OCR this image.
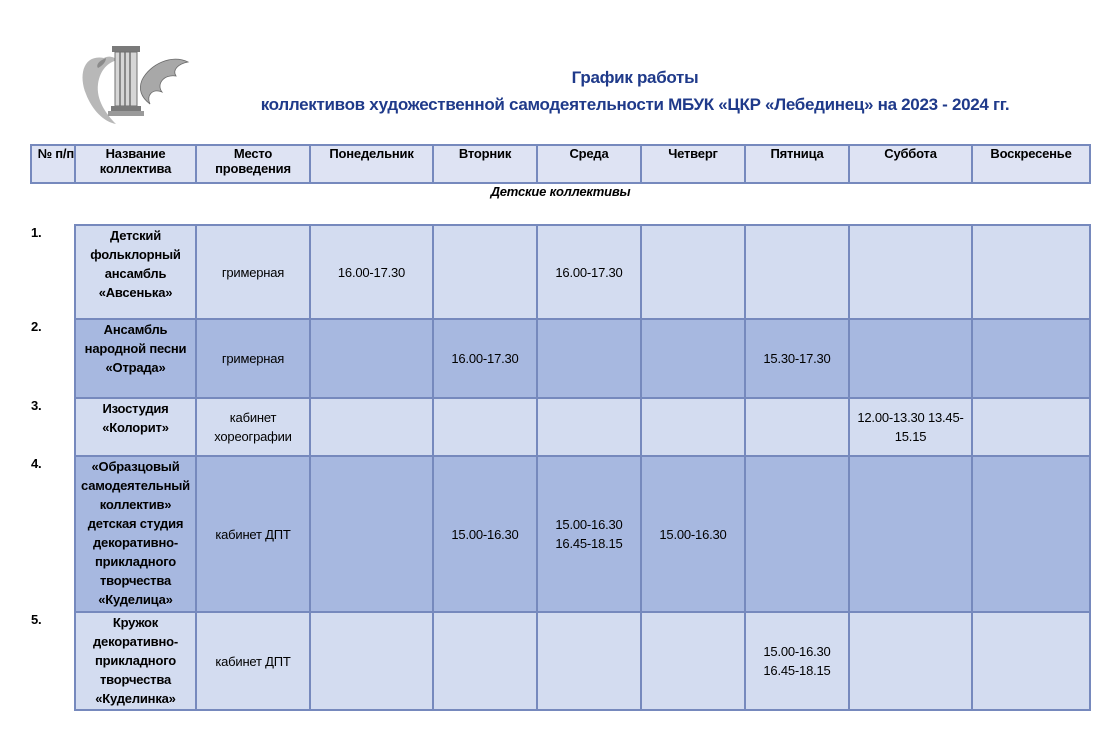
График работы
коллективов художественной самодеятельности МБУК «ЦКР «Лебединец» на 2023 - 2024 гг.
№ п/п	Название коллектива	Место проведения	Понедельник	Вторник	Среда	Четверг	Пятница	Суббота	Воскресенье
Детские коллективы									
1.	Детский фольклорный ансамбль «Авсенька»	гримерная	16.00-17.30		16.00-17.30				
2.	Ансамбль народной песни «Отрада»	гримерная		16.00-17.30			15.30-17.30		
3.	Изостудия «Колорит»	кабинет хореографии						12.00-13.30 13.45-15.15	
4.	«Образцовый самодеятельный коллектив» детская студия декоративно-прикладного творчества «Куделица»	кабинет ДПТ		15.00-16.30	15.00-16.30 16.45-18.15	15.00-16.30			
5.	Кружок декоративно-прикладного творчества «Куделинка»	кабинет ДПТ					15.00-16.30 16.45-18.15		
